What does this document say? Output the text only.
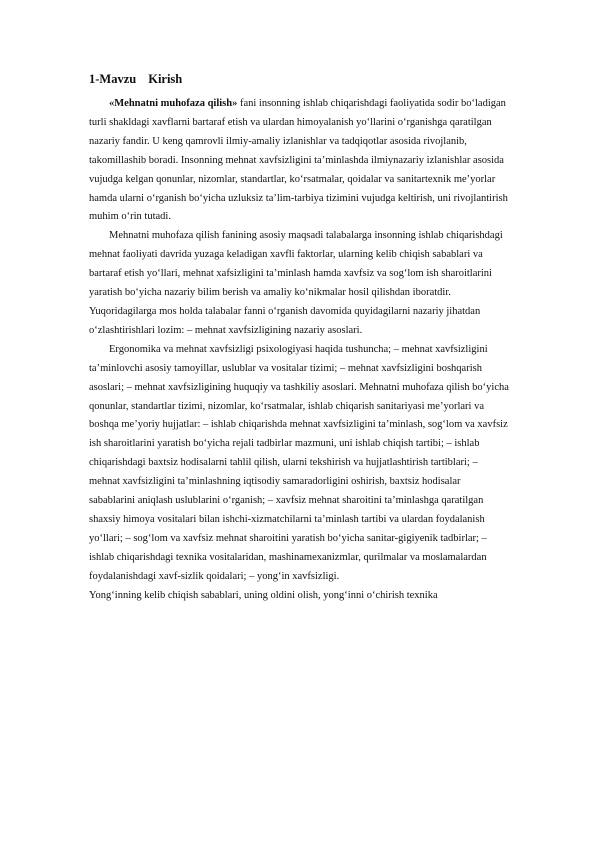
1-Mavzu Kirish

«Mehnatni muhofaza qilish» fani insonning ishlab chiqarishdagi faoliyatida sodir bo‘ladigan turli shakldagi xavflarni bartaraf etish va ulardan himoyalanish yo‘llarini o‘rganishga qaratilgan nazariy fandir. U keng qamrovli ilmiy-amaliy izlanishlar va tadqiqotlar asosida rivojlanib, takomillashib boradi. Insonning mehnat xavfsizligini ta’minlashda ilmiynazariy izlanishlar asosida vujudga kelgan qonunlar, nizomlar, standartlar, ko‘rsatmalar, qoidalar va sanitartexnik me’yorlar hamda ularni o‘rganish bo‘yicha uzluksiz ta’lim-tarbiya tizimini vujudga keltirish, uni rivojlantirish muhim o‘rin tutadi.

Mehnatni muhofaza qilish fanining asosiy maqsadi talabalarga insonning ishlab chiqarishdagi mehnat faoliyati davrida yuzaga keladigan xavfli faktorlar, ularning kelib chiqish sabablari va bartaraf etish yo‘llari, mehnat xafsizligini ta’minlash hamda xavfsiz va sog‘lom ish sharoitlarini yaratish bo‘yicha nazariy bilim berish va amaliy ko‘nikmalar hosil qilishdan iboratdir. Yuqoridagilarga mos holda talabalar fanni o‘rganish davomida quyidagilarni nazariy jihatdan o‘zlashtirishlari lozim: – mehnat xavfsizligining nazariy asoslari.

Ergonomika va mehnat xavfsizligi psixologiyasi haqida tushuncha; – mehnat xavfsizligini ta’minlovchi asosiy tamoyillar, uslublar va vositalar tizimi; – mehnat xavfsizligini boshqarish asoslari; – mehnat xavfsizligining huquqiy va tashkiliy asoslari. Mehnatni muhofaza qilish bo‘yicha qonunlar, standartlar tizimi, nizomlar, ko‘rsatmalar, ishlab chiqarish sanitariyasi me’yorlari va boshqa me’yoriy hujjatlar: – ishlab chiqarishda mehnat xavfsizligini ta’minlash, sog‘lom va xavfsiz ish sharoitlarini yaratish bo‘yicha rejali tadbirlar mazmuni, uni ishlab chiqish tartibi; – ishlab chiqarishdagi baxtsiz hodisalarni tahlil qilish, ularni tekshirish va hujjatlashtirish tartiblari; – mehnat xavfsizligini ta’minlashning iqtisodiy samaradorligini oshirish, baxtsiz hodisalar sabablarini aniqlash uslublarini o‘rganish; – xavfsiz mehnat sharoitini ta’minlashga qaratilgan shaxsiy himoya vositalari bilan ishchi-xizmatchilarni ta’minlash tartibi va ulardan foydalanish yo‘llari; – sog‘lom va xavfsiz mehnat sharoitini yaratish bo‘yicha sanitar-gigiyenik tadbirlar; – ishlab chiqarishdagi texnika vositalaridan, mashinamexanizmlar, qurilmalar va moslamalardan foydalanishdagi xavf-sizlik qoidalari; – yong‘in xavfsizligi.

Yong‘inning kelib chiqish sabablari, uning oldini olish, yong‘inni o‘chirish texnika
